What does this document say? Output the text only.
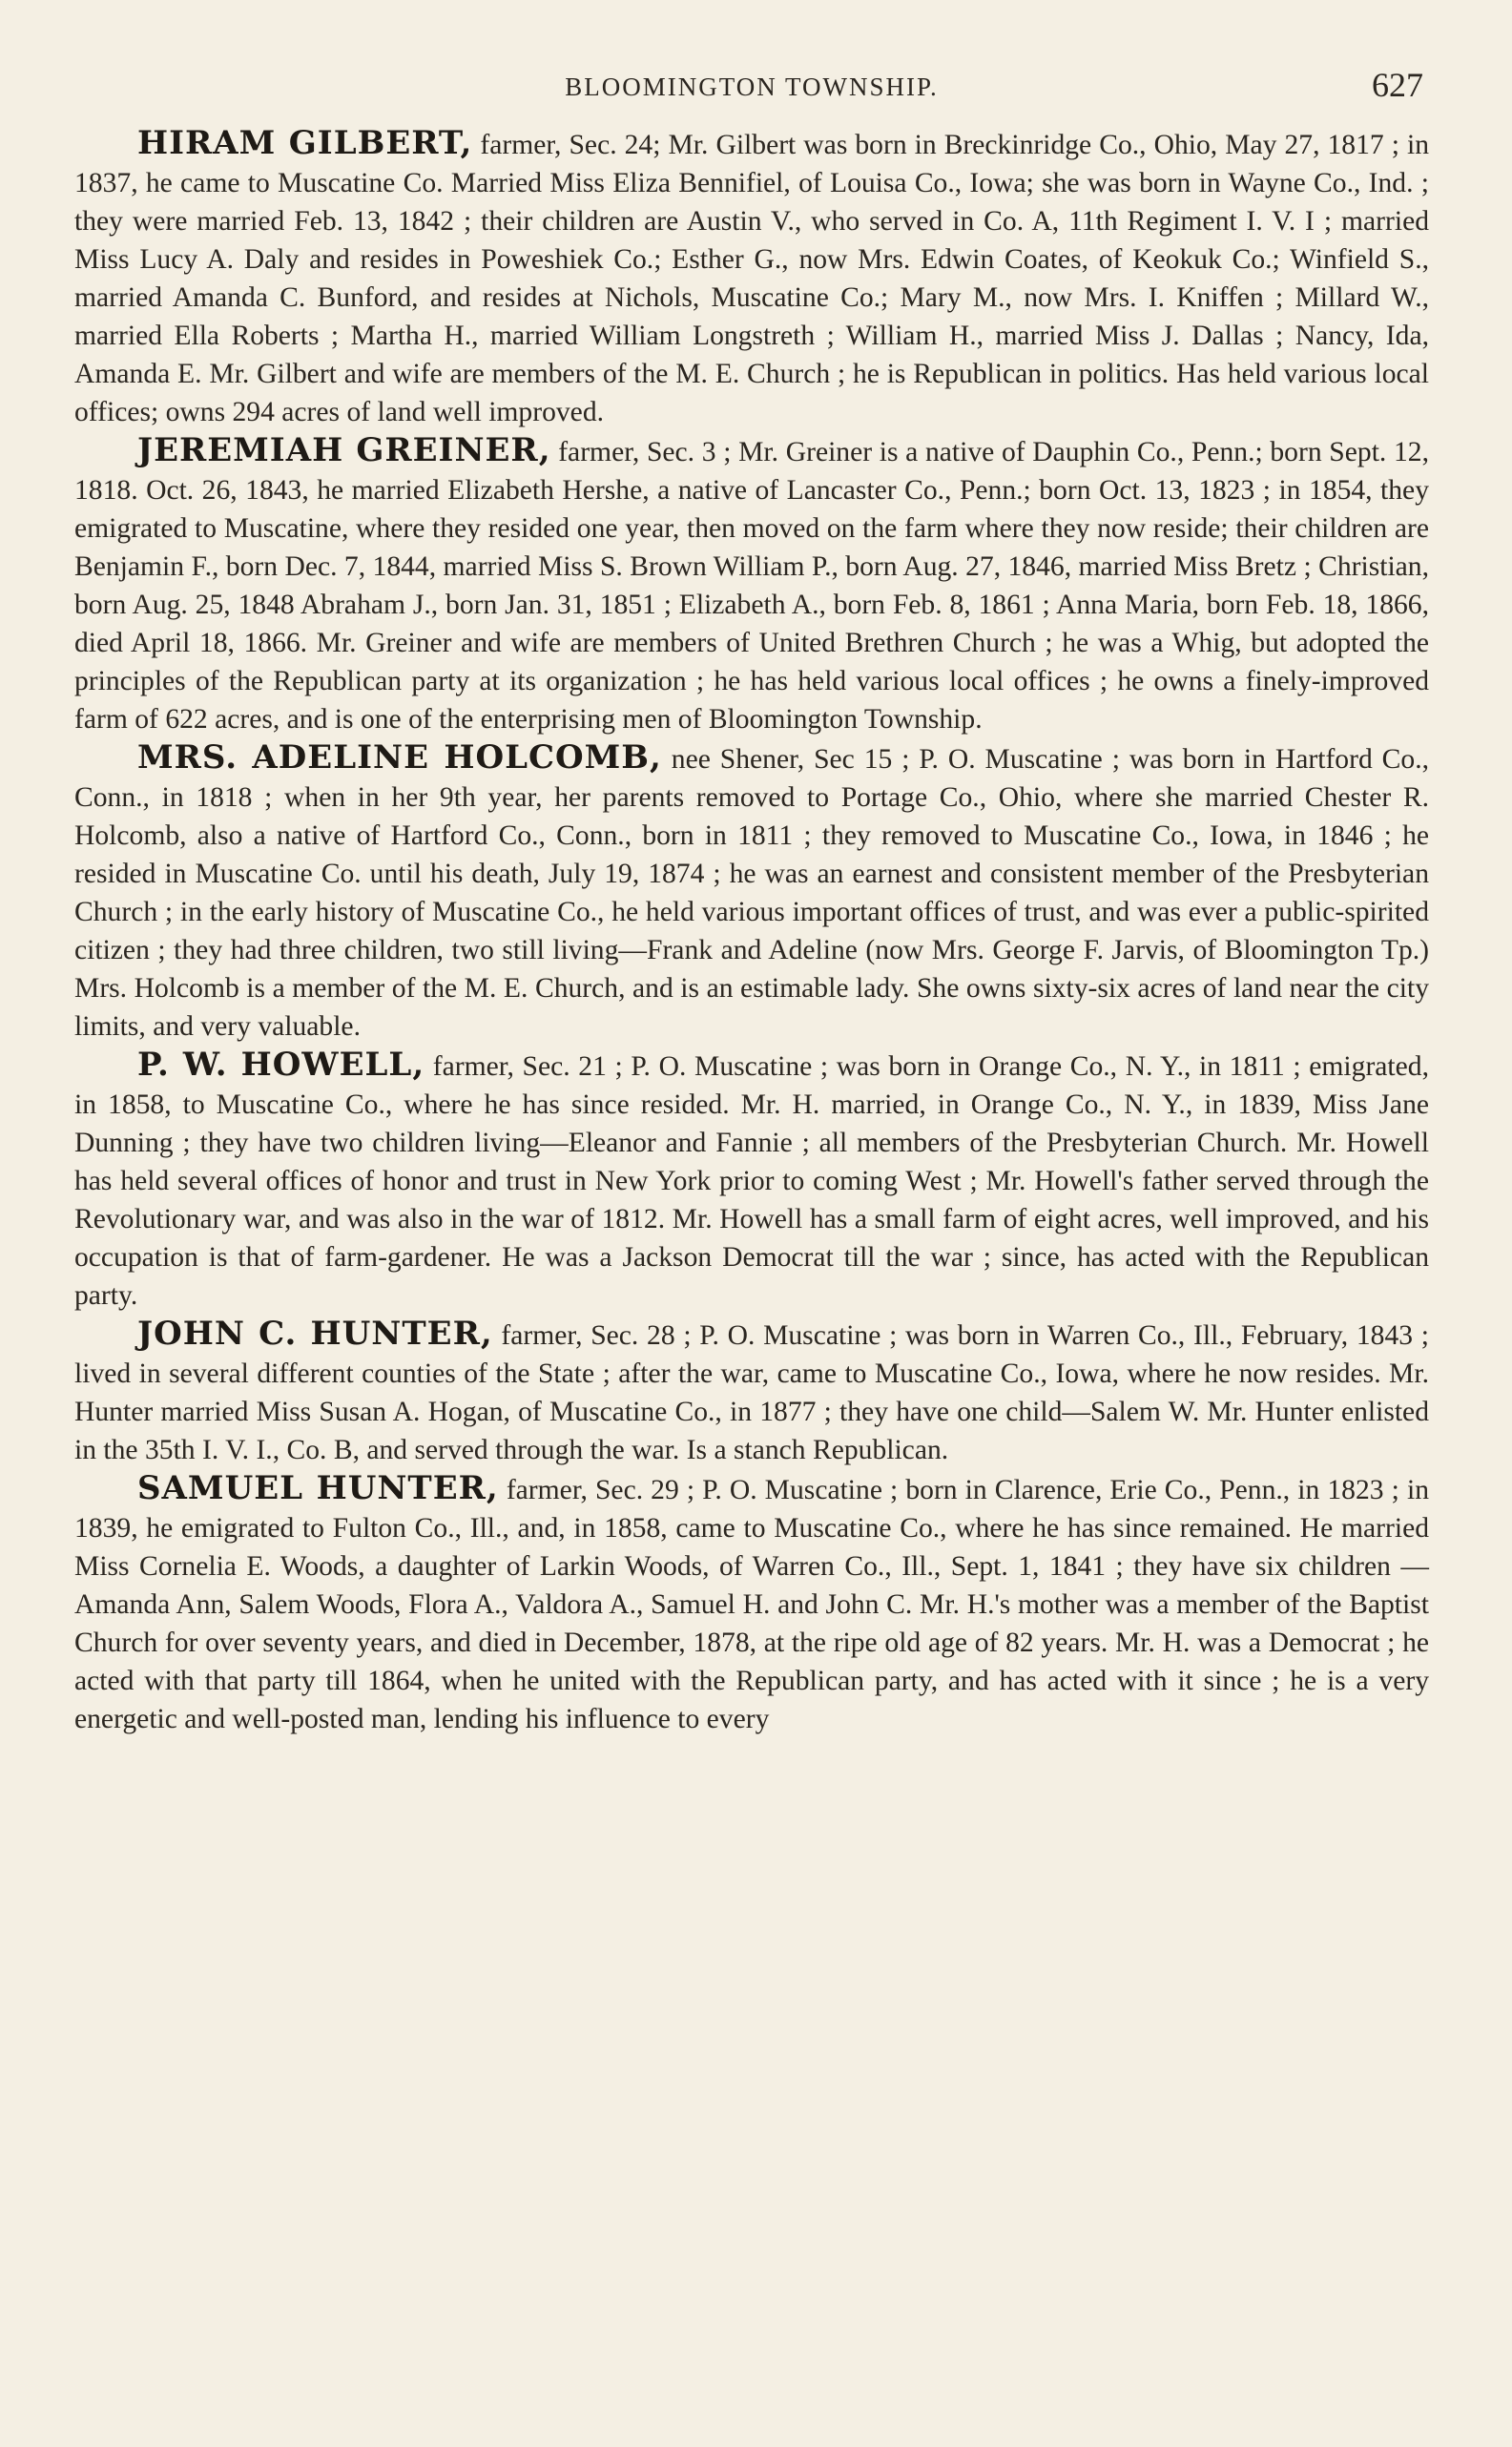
BLOOMINGTON TOWNSHIP.	627

HIRAM GILBERT, farmer, Sec. 24; Mr. Gilbert was born in Breckinridge Co., Ohio, May 27, 1817 ; in 1837, he came to Muscatine Co. Married Miss Eliza Bennifiel, of Louisa Co., Iowa; she was born in Wayne Co., Ind. ; they were married Feb. 13, 1842 ; their children are Austin V., who served in Co. A, 11th Regiment I. V. I ; married Miss Lucy A. Daly and resides in Poweshiek Co.; Esther G., now Mrs. Edwin Coates, of Keokuk Co.; Winfield S., married Amanda C. Bunford, and resides at Nichols, Muscatine Co.; Mary M., now Mrs. I. Kniffen ; Millard W., married Ella Roberts ; Martha H., married William Longstreth ; William H., married Miss J. Dallas ; Nancy, Ida, Amanda E. Mr. Gilbert and wife are members of the M. E. Church ; he is Republican in politics. Has held various local offices; owns 294 acres of land well improved.

JEREMIAH GREINER, farmer, Sec. 3 ; Mr. Greiner is a native of Dauphin Co., Penn.; born Sept. 12, 1818. Oct. 26, 1843, he married Elizabeth Hershe, a native of Lancaster Co., Penn.; born Oct. 13, 1823 ; in 1854, they emigrated to Muscatine, where they resided one year, then moved on the farm where they now reside; their children are Benjamin F., born Dec. 7, 1844, married Miss S. Brown William P., born Aug. 27, 1846, married Miss Bretz ; Christian, born Aug. 25, 1848 Abraham J., born Jan. 31, 1851 ; Elizabeth A., born Feb. 8, 1861 ; Anna Maria, born Feb. 18, 1866, died April 18, 1866. Mr. Greiner and wife are members of United Brethren Church ; he was a Whig, but adopted the principles of the Republican party at its organization ; he has held various local offices ; he owns a finely-improved farm of 622 acres, and is one of the enterprising men of Bloomington Township.

MRS. ADELINE HOLCOMB, nee Shener, Sec 15 ; P. O. Muscatine ; was born in Hartford Co., Conn., in 1818 ; when in her 9th year, her parents removed to Portage Co., Ohio, where she married Chester R. Holcomb, also a native of Hartford Co., Conn., born in 1811 ; they removed to Muscatine Co., Iowa, in 1846 ; he resided in Muscatine Co. until his death, July 19, 1874 ; he was an earnest and consistent member of the Presbyterian Church ; in the early history of Muscatine Co., he held various important offices of trust, and was ever a public-spirited citizen ; they had three children, two still living—Frank and Adeline (now Mrs. George F. Jarvis, of Bloomington Tp.) Mrs. Holcomb is a member of the M. E. Church, and is an estimable lady. She owns sixty-six acres of land near the city limits, and very valuable.

P. W. HOWELL, farmer, Sec. 21 ; P. O. Muscatine ; was born in Orange Co., N. Y., in 1811 ; emigrated, in 1858, to Muscatine Co., where he has since resided. Mr. H. married, in Orange Co., N. Y., in 1839, Miss Jane Dunning ; they have two children living—Eleanor and Fannie ; all members of the Presbyterian Church. Mr. Howell has held several offices of honor and trust in New York prior to coming West ; Mr. Howell's father served through the Revolutionary war, and was also in the war of 1812. Mr. Howell has a small farm of eight acres, well improved, and his occupation is that of farm-gardener. He was a Jackson Democrat till the war ; since, has acted with the Republican party.

JOHN C. HUNTER, farmer, Sec. 28 ; P. O. Muscatine ; was born in Warren Co., Ill., February, 1843 ; lived in several different counties of the State ; after the war, came to Muscatine Co., Iowa, where he now resides. Mr. Hunter married Miss Susan A. Hogan, of Muscatine Co., in 1877 ; they have one child—Salem W. Mr. Hunter enlisted in the 35th I. V. I., Co. B, and served through the war. Is a stanch Republican.

SAMUEL HUNTER, farmer, Sec. 29 ; P. O. Muscatine ; born in Clarence, Erie Co., Penn., in 1823 ; in 1839, he emigrated to Fulton Co., Ill., and, in 1858, came to Muscatine Co., where he has since remained. He married Miss Cornelia E. Woods, a daughter of Larkin Woods, of Warren Co., Ill., Sept. 1, 1841 ; they have six children —Amanda Ann, Salem Woods, Flora A., Valdora A., Samuel H. and John C. Mr. H.'s mother was a member of the Baptist Church for over seventy years, and died in December, 1878, at the ripe old age of 82 years. Mr. H. was a Democrat ; he acted with that party till 1864, when he united with the Republican party, and has acted with it since ; he is a very energetic and well-posted man, lending his influence to every
